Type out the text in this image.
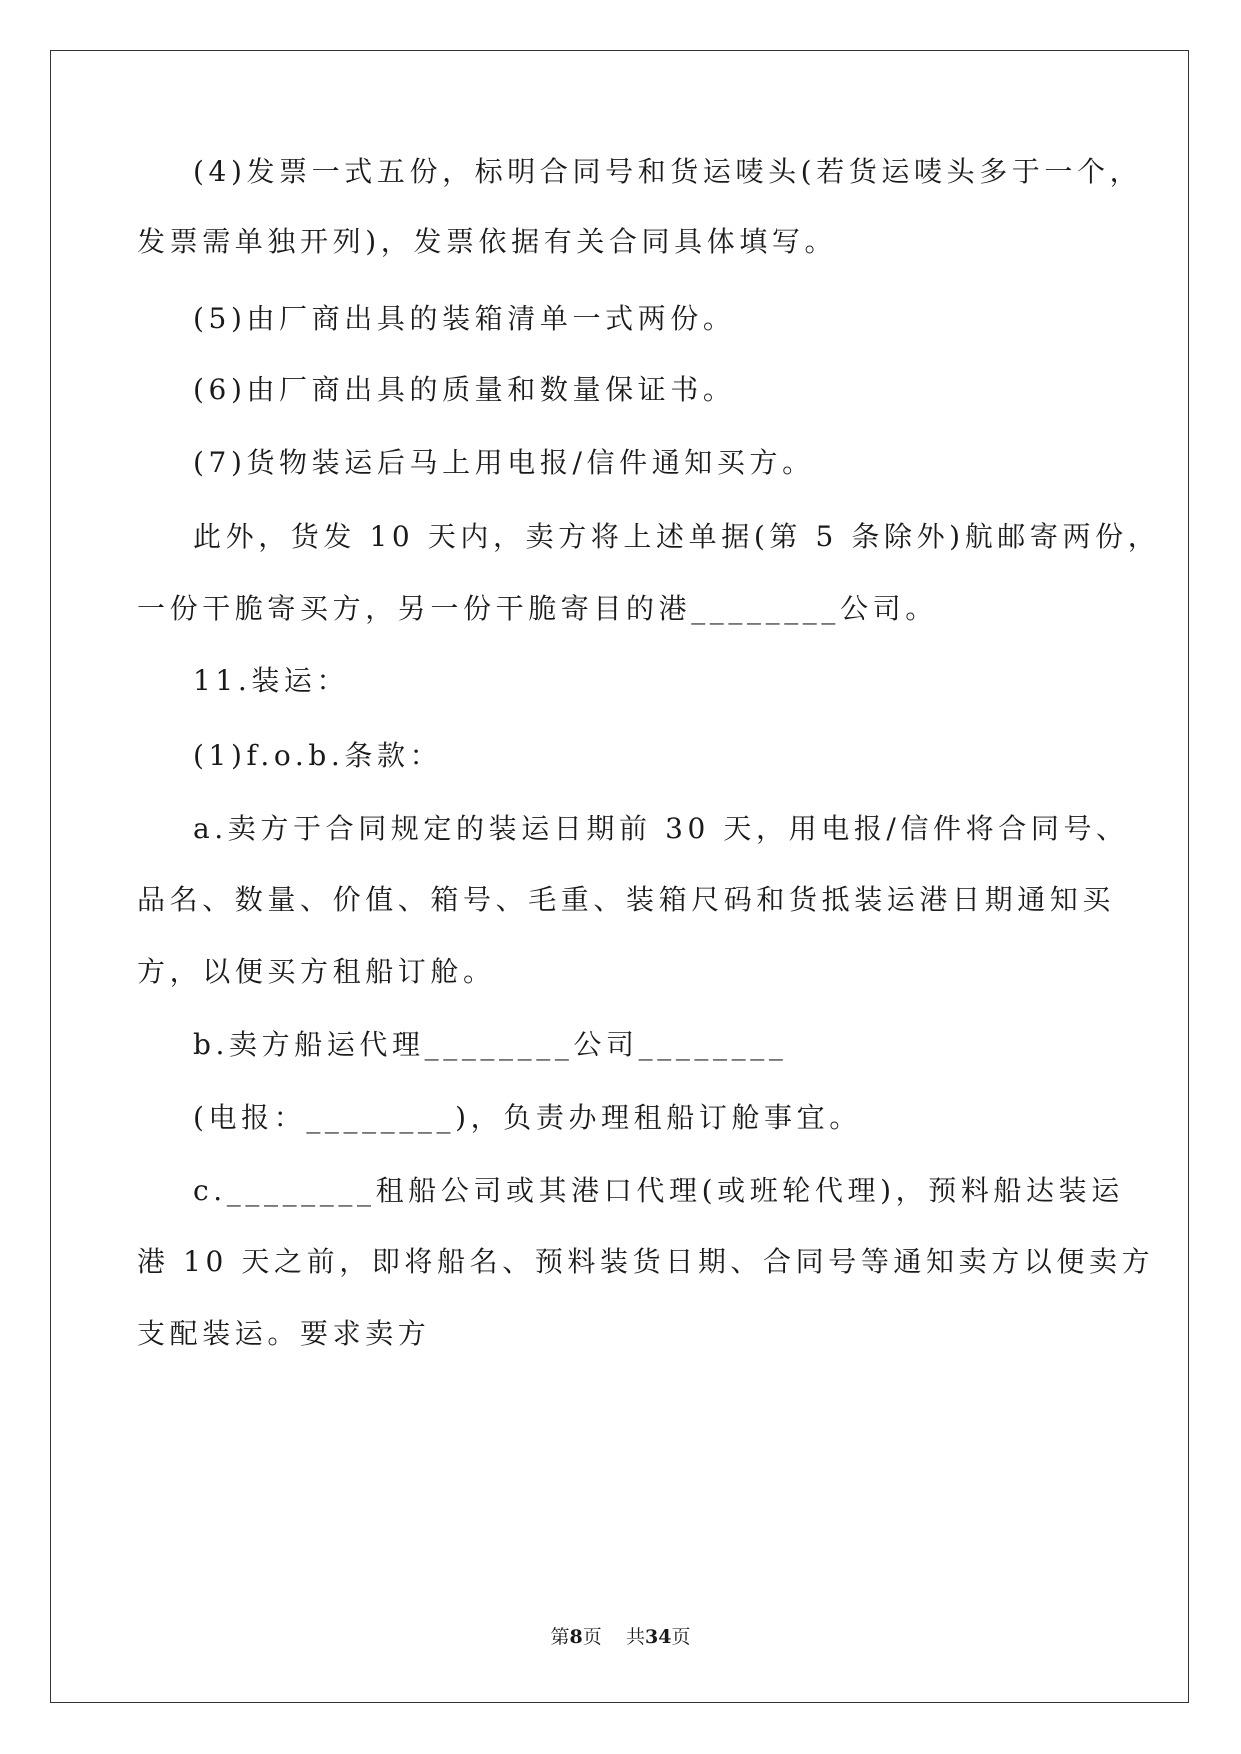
(4)发票一式五份，标明合同号和货运唛头(若货运唛头多于一个，

发票需单独开列)，发票依据有关合同具体填写。

(5)由厂商出具的装箱清单一式两份。

(6)由厂商出具的质量和数量保证书。

(7)货物装运后马上用电报/信件通知买方。

此外，货发 10 天内，卖方将上述单据(第 5 条除外)航邮寄两份，

一份干脆寄买方，另一份干脆寄目的港________公司。

11.装运：

(1)f.o.b.条款：

a.卖方于合同规定的装运日期前 30 天，用电报/信件将合同号、

品名、数量、价值、箱号、毛重、装箱尺码和货抵装运港日期通知买

方，以便买方租船订舱。

b.卖方船运代理________公司________

(电报：________)，负责办理租船订舱事宜。

c.________租船公司或其港口代理(或班轮代理)，预料船达装运

港 10 天之前，即将船名、预料装货日期、合同号等通知卖方以便卖方

支配装运。要求卖方

第8页 共34页
